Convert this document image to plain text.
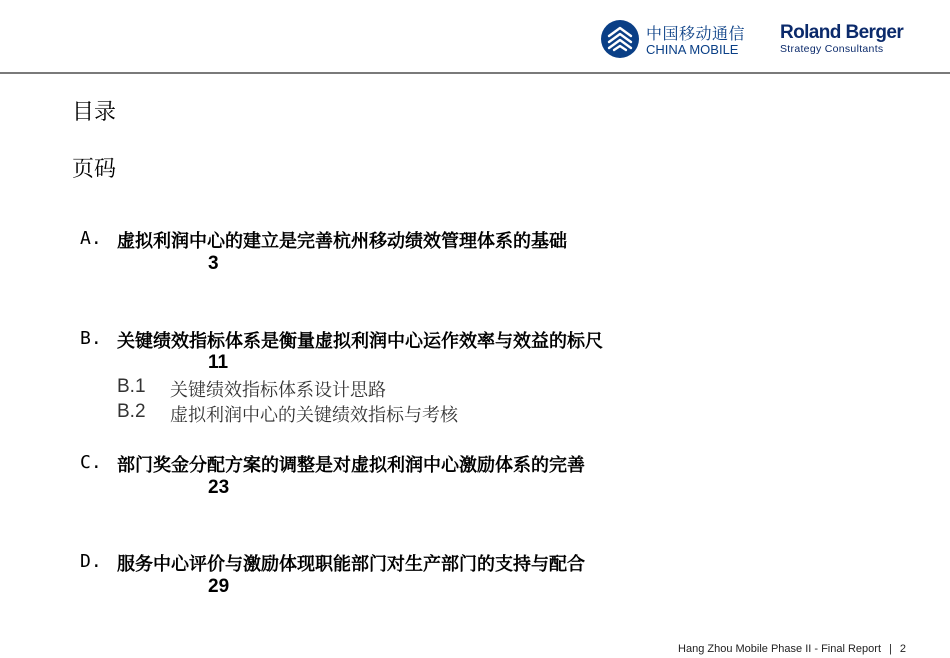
中国移动通信
CHINA MOBILE
Roland Berger
Strategy Consultants
目录
页码
A. 虚拟利润中心的建立是完善杭州移动绩效管理体系的基础
3
B. 关键绩效指标体系是衡量虚拟利润中心运作效率与效益的标尺
11
B.1 关键绩效指标体系设计思路
B.2 虚拟利润中心的关键绩效指标与考核
C. 部门奖金分配方案的调整是对虚拟利润中心激励体系的完善
23
D. 服务中心评价与激励体现职能部门对生产部门的支持与配合
29
Hang Zhou Mobile Phase II - Final Report | 2
